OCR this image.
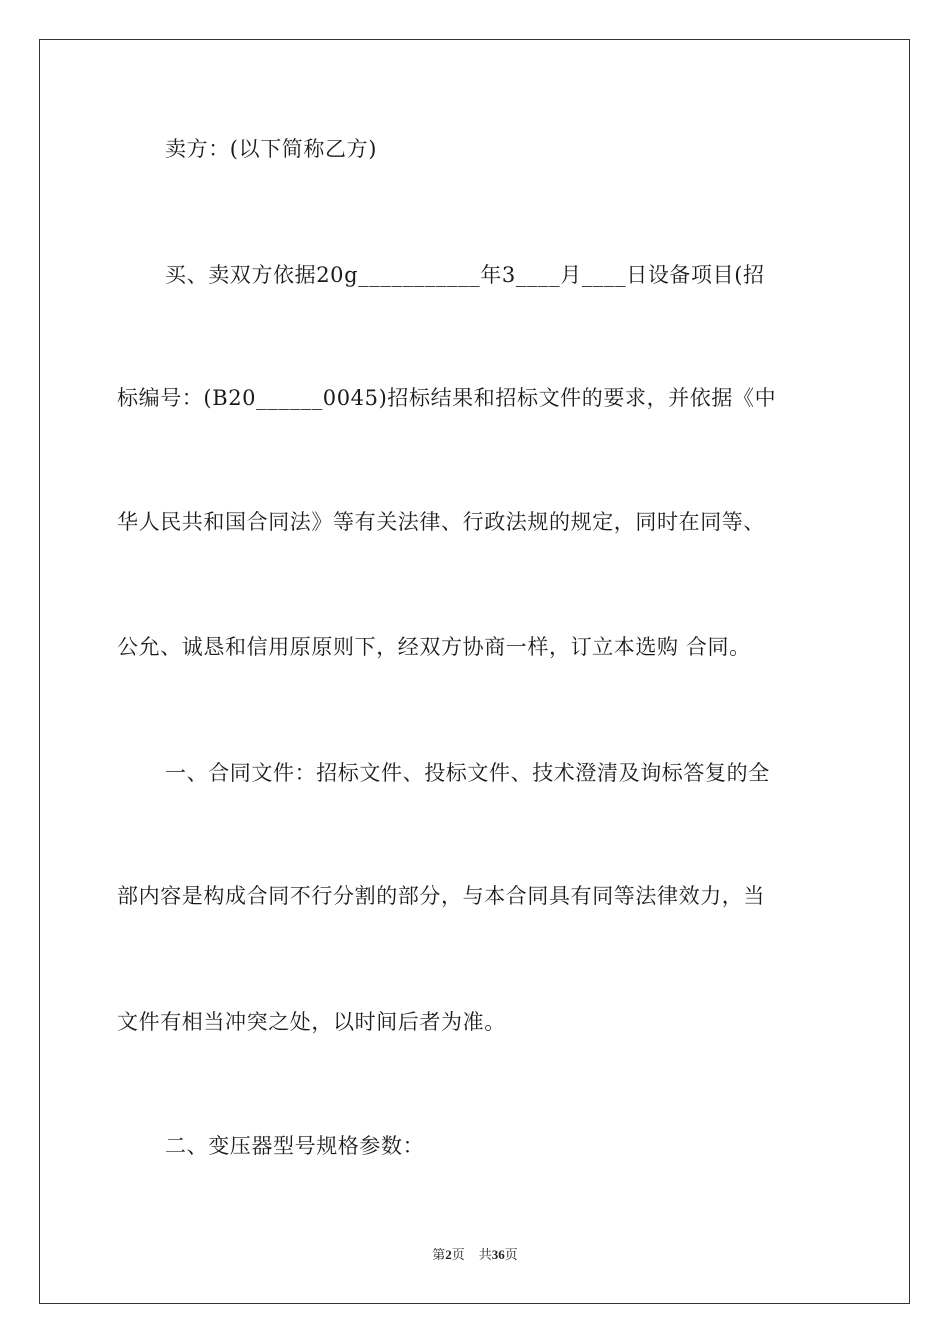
卖方：(以下简称乙方)
买、卖双方依据20g___________年3____月____日设备项目(招
标编号：(B20______0045)招标结果和招标文件的要求，并依据《中
华人民共和国合同法》等有关法律、行政法规的规定，同时在同等、
公允、诚恳和信用原原则下，经双方协商一样，订立本选购 合同。
一、合同文件：招标文件、投标文件、技术澄清及询标答复的全
部内容是构成合同不行分割的部分，与本合同具有同等法律效力，当
文件有相当冲突之处，以时间后者为准。
二、变压器型号规格参数：
第2页 共36页
